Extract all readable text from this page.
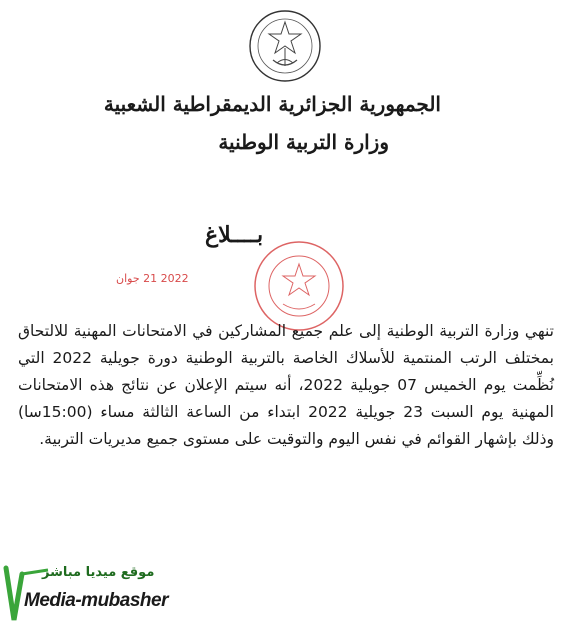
الجمهورية الجزائرية الديمقراطية الشعبية

وزارة التربية الوطنية

بــــلاغ
2022 21 جوان

تنهي وزارة التربية الوطنية إلى علم جميع المشاركين في الامتحانات المهنية للالتحاق بمختلف الرتب المنتمية للأسلاك الخاصة بالتربية الوطنية دورة جويلية 2022 التي نُظِّمت يوم الخميس 07 جويلية 2022، أنه سيتم الإعلان عن نتائج هذه الامتحانات المهنية يوم السبت 23 جويلية 2022 ابتداء من الساعة الثالثة مساء (15:00سا) وذلك بإشهار القوائم في نفس اليوم والتوقيت على مستوى جميع مديريات التربية.

موقع ميديا مباشر
Media-mubasher
